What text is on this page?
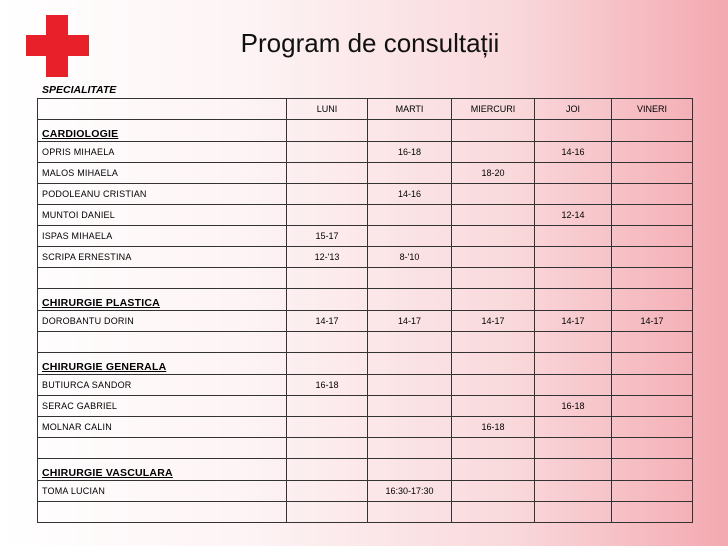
Program de consultații
SPECIALITATE
	LUNI	MARTI	MIERCURI	JOI	VINERI
CARDIOLOGIE					
OPRIS MIHAELA		16-18		14-16	
MALOS MIHAELA			18-20		
PODOLEANU CRISTIAN		14-16			
MUNTOI DANIEL				12-14	
ISPAS MIHAELA	15-17				
SCRIPA ERNESTINA	12-'13	8-'10			

CHIRURGIE PLASTICA					
DOROBANTU DORIN	14-17	14-17	14-17	14-17	14-17

CHIRURGIE GENERALA					
BUTIURCA SANDOR	16-18				
SERAC GABRIEL				16-18	
MOLNAR CALIN			16-18		

CHIRURGIE VASCULARA					
TOMA LUCIAN		16:30-17:30			
